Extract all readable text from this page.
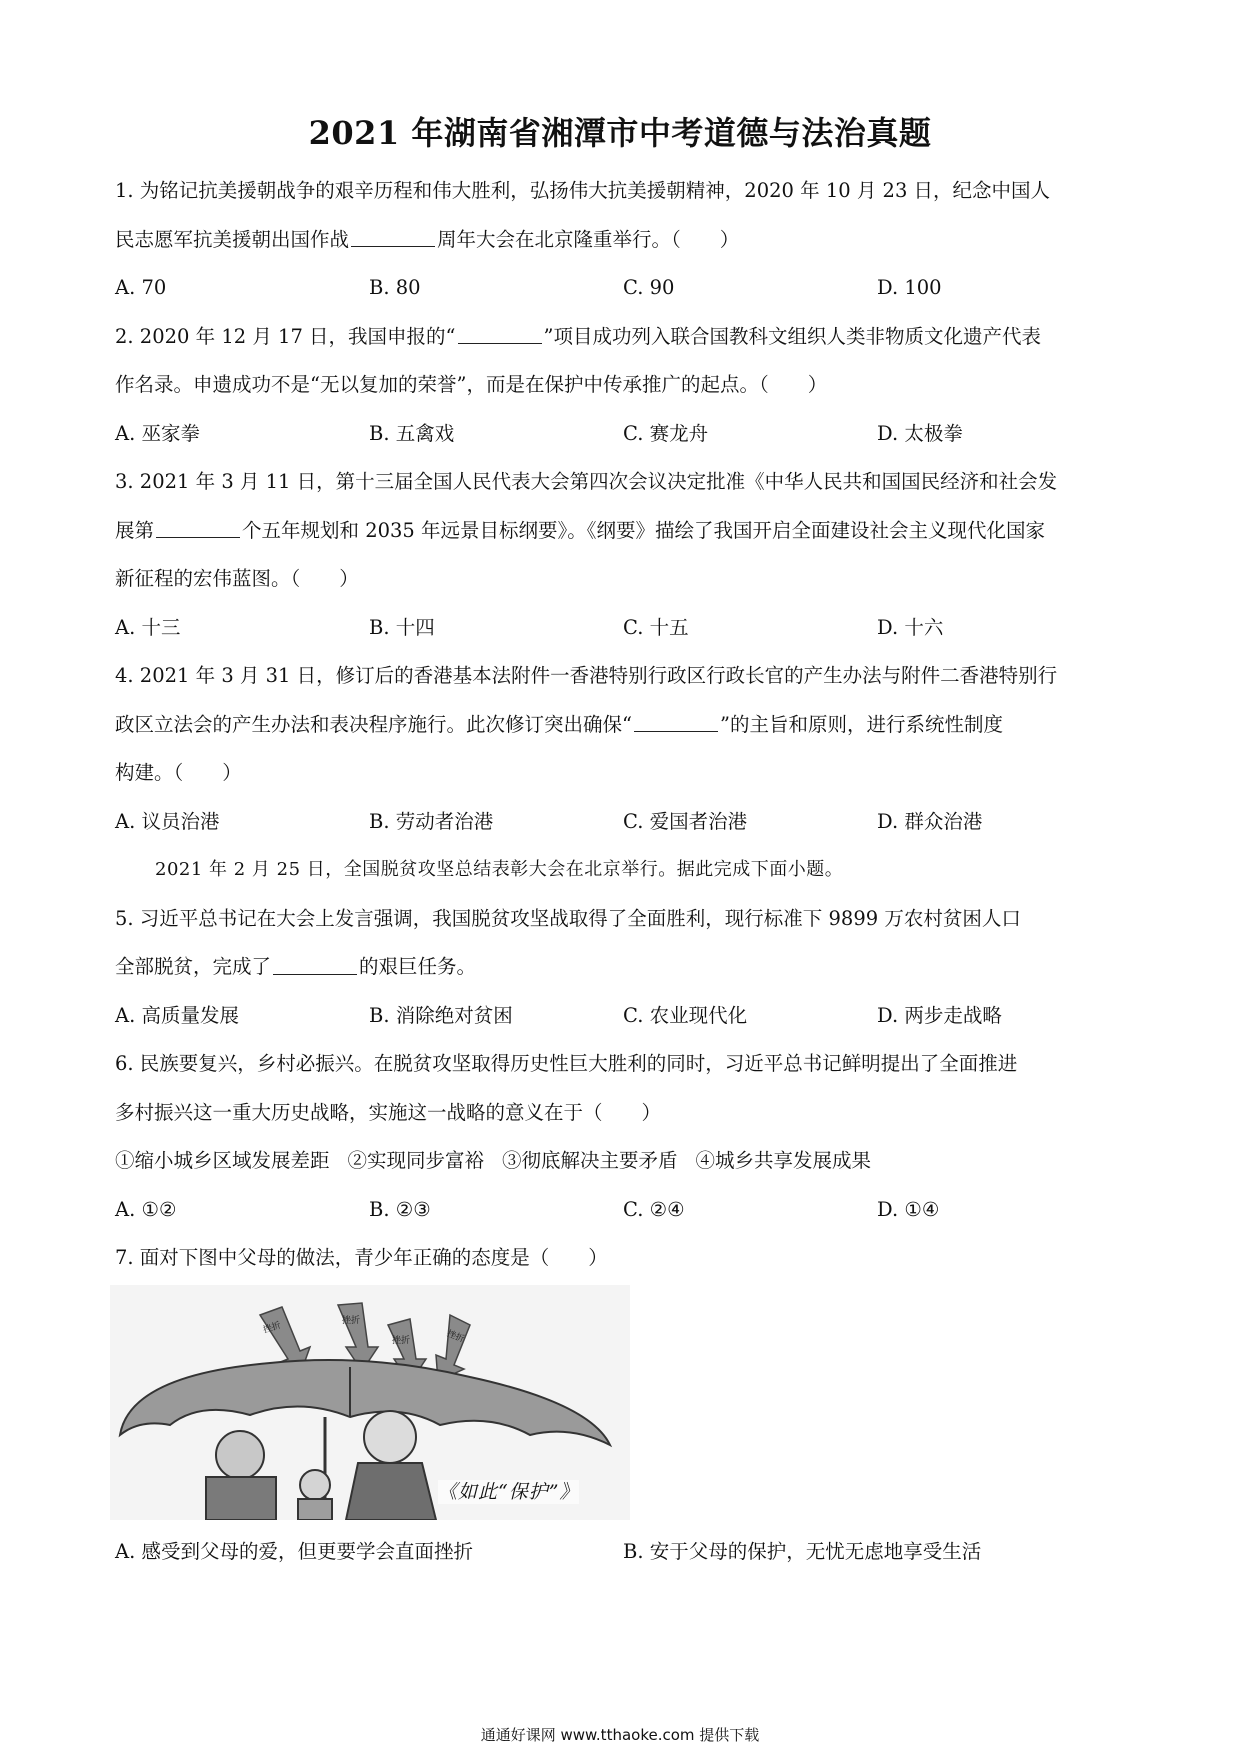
2021 年湖南省湘潭市中考道德与法治真题
1. 为铭记抗美援朝战争的艰辛历程和伟大胜利，弘扬伟大抗美援朝精神，2020 年 10 月 23 日，纪念中国人
民志愿军抗美援朝出国作战	周年大会在北京隆重举行。（　　）
A. 70	B. 80	C. 90	D. 100
2. 2020 年 12 月 17 日，我国申报的“	”项目成功列入联合国教科文组织人类非物质文化遗产代表
作名录。申遗成功不是“无以复加的荣誉”，而是在保护中传承推广的起点。（　　）
A. 巫家拳	B. 五禽戏	C. 赛龙舟	D. 太极拳
3. 2021 年 3 月 11 日，第十三届全国人民代表大会第四次会议决定批准《中华人民共和国国民经济和社会发
展第	个五年规划和 2035 年远景目标纲要》。《纲要》描绘了我国开启全面建设社会主义现代化国家
新征程的宏伟蓝图。（　　）
A. 十三	B. 十四	C. 十五	D. 十六
4. 2021 年 3 月 31 日，修订后的香港基本法附件一香港特别行政区行政长官的产生办法与附件二香港特别行
政区立法会的产生办法和表决程序施行。此次修订突出确保“	”的主旨和原则，进行系统性制度
构建。（　　）
A. 议员治港	B. 劳动者治港	C. 爱国者治港	D. 群众治港
2021 年 2 月 25 日，全国脱贫攻坚总结表彰大会在北京举行。据此完成下面小题。
5. 习近平总书记在大会上发言强调，我国脱贫攻坚战取得了全面胜利，现行标准下 9899 万农村贫困人口
全部脱贫，完成了	的艰巨任务。
A. 高质量发展	B. 消除绝对贫困	C. 农业现代化	D. 两步走战略
6. 民族要复兴，乡村必振兴。在脱贫攻坚取得历史性巨大胜利的同时，习近平总书记鲜明提出了全面推进
多村振兴这一重大历史战略，实施这一战略的意义在于（　　）
①缩小城乡区域发展差距 ②实现同步富裕 ③彻底解决主要矛盾 ④城乡共享发展成果
A. ①②	B. ②③	C. ②④	D. ①④
7. 面对下图中父母的做法，青少年正确的态度是（　　）
挫折	挫折
挫折	挫折
《如此“保护”》
A. 感受到父母的爱，但更要学会直面挫折	B. 安于父母的保护，无忧无虑地享受生活
通通好课网 www.tthaoke.com 提供下载
